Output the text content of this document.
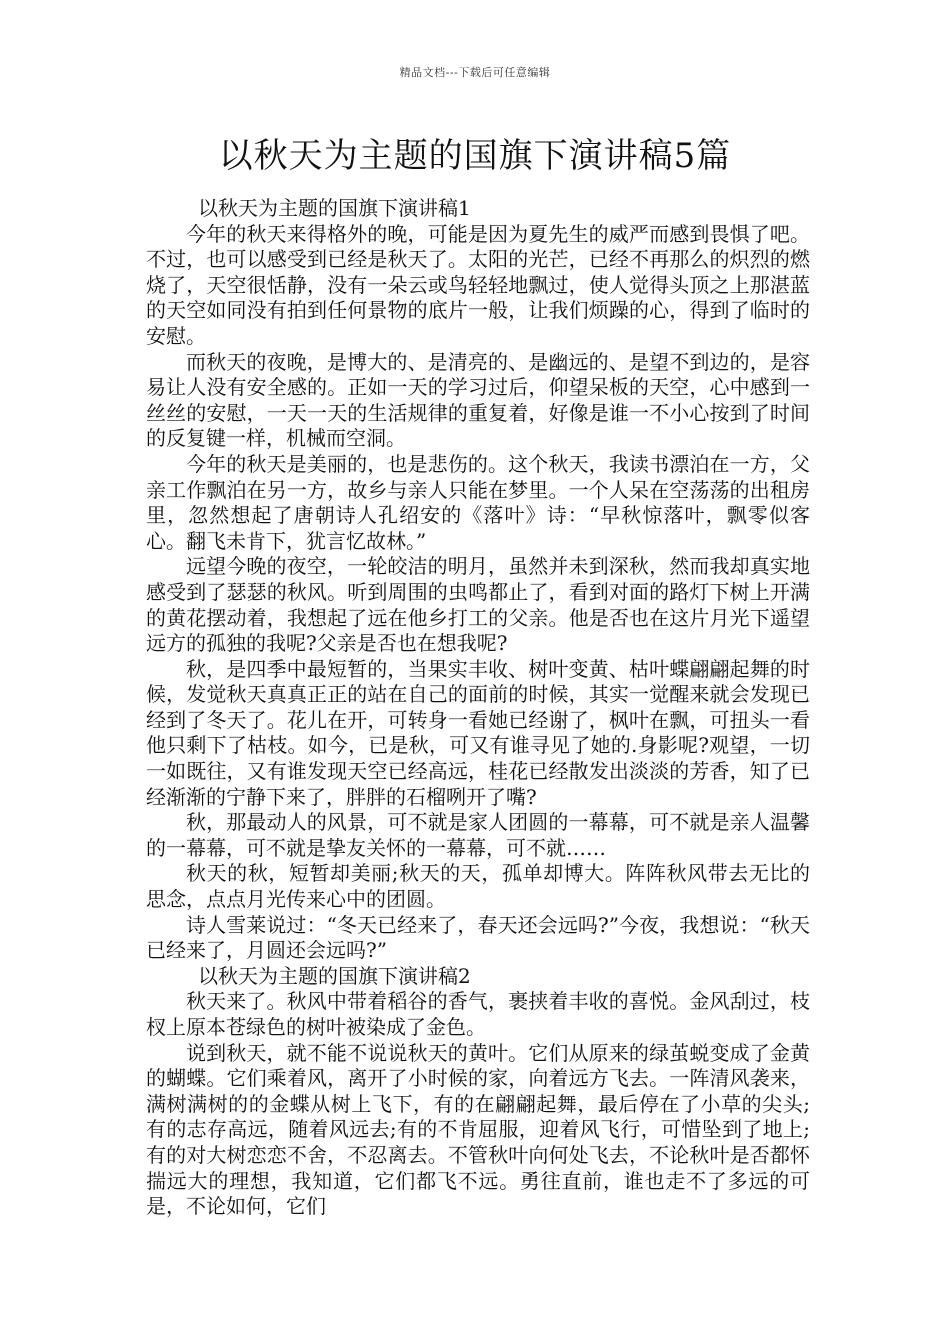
精品文档---下载后可任意编辑
以秋天为主题的国旗下演讲稿5篇

以秋天为主题的国旗下演讲稿1

今年的秋天来得格外的晚，可能是因为夏先生的威严而感到畏惧了吧。不过，也可以感受到已经是秋天了。太阳的光芒，已经不再那么的炽烈的燃烧了，天空很恬静，没有一朵云或鸟轻轻地飘过，使人觉得头顶之上那湛蓝的天空如同没有拍到任何景物的底片一般，让我们烦躁的心，得到了临时的安慰。

而秋天的夜晚，是博大的、是清亮的、是幽远的、是望不到边的，是容易让人没有安全感的。正如一天的学习过后，仰望呆板的天空，心中感到一丝丝的安慰，一天一天的生活规律的重复着，好像是谁一不小心按到了时间的反复键一样，机械而空洞。

今年的秋天是美丽的，也是悲伤的。这个秋天，我读书漂泊在一方，父亲工作飘泊在另一方，故乡与亲人只能在梦里。一个人呆在空荡荡的出租房里，忽然想起了唐朝诗人孔绍安的《落叶》诗：“早秋惊落叶，飘零似客心。翻飞未肯下，犹言忆故林。”

远望今晚的夜空，一轮皎洁的明月，虽然并未到深秋，然而我却真实地感受到了瑟瑟的秋风。听到周围的虫鸣都止了，看到对面的路灯下树上开满的黄花摆动着，我想起了远在他乡打工的父亲。他是否也在这片月光下遥望远方的孤独的我呢?父亲是否也在想我呢?

秋，是四季中最短暂的，当果实丰收、树叶变黄、枯叶蝶翩翩起舞的时候，发觉秋天真真正正的站在自己的面前的时候，其实一觉醒来就会发现已经到了冬天了。花儿在开，可转身一看她已经谢了，枫叶在飘，可扭头一看他只剩下了枯枝。如今，已是秋，可又有谁寻见了她的.身影呢?观望，一切一如既往，又有谁发现天空已经高远，桂花已经散发出淡淡的芳香，知了已经渐渐的宁静下来了，胖胖的石榴咧开了嘴?

秋，那最动人的风景，可不就是家人团圆的一幕幕，可不就是亲人温馨的一幕幕，可不就是挚友关怀的一幕幕，可不就……

秋天的秋，短暂却美丽;秋天的天，孤单却博大。阵阵秋风带去无比的思念，点点月光传来心中的团圆。

诗人雪莱说过：“冬天已经来了，春天还会远吗?”今夜，我想说：“秋天已经来了，月圆还会远吗?”

以秋天为主题的国旗下演讲稿2

秋天来了。秋风中带着稻谷的香气，裹挟着丰收的喜悦。金风刮过，枝杈上原本苍绿色的树叶被染成了金色。

说到秋天，就不能不说说秋天的黄叶。它们从原来的绿茧蜕变成了金黄的蝴蝶。它们乘着风，离开了小时候的家，向着远方飞去。一阵清风袭来，满树满树的的金蝶从树上飞下，有的在翩翩起舞，最后停在了小草的尖头;有的志存高远，随着风远去;有的不肯屈服，迎着风飞行，可惜坠到了地上;有的对大树恋恋不舍，不忍离去。不管秋叶向何处飞去，不论秋叶是否都怀揣远大的理想，我知道，它们都飞不远。勇往直前，谁也走不了多远的可是，不论如何，它们
